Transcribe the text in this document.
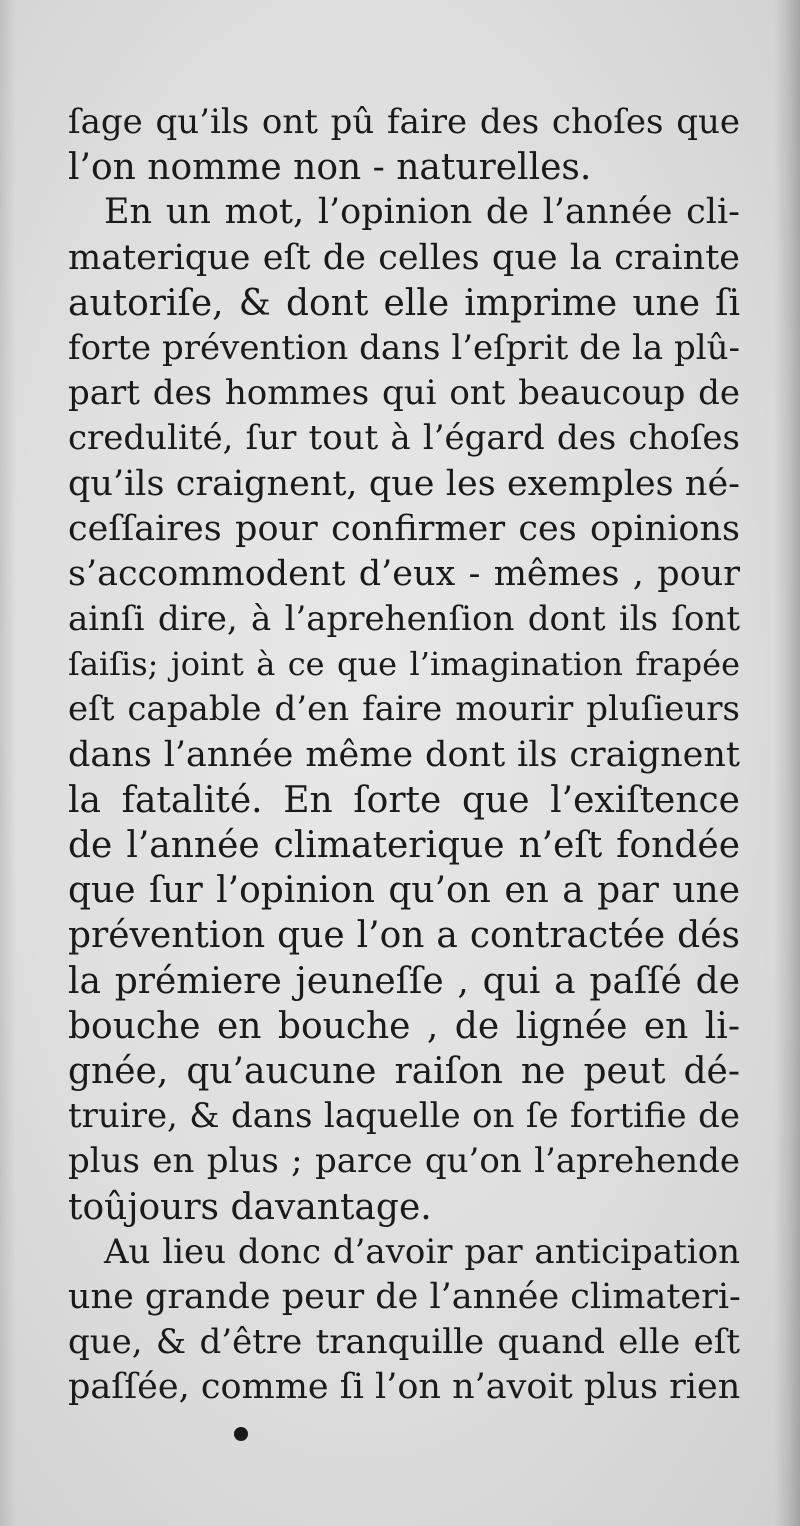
ſage qu’ils ont pû faire des choſes que
l’on nomme non - naturelles.
En un mot, l’opinion de l’année cli-
materique eſt de celles que la crainte
autoriſe, & dont elle imprime une ſi
forte prévention dans l’eſprit de la plû-
part des hommes qui ont beaucoup de
credulité, ſur tout à l’égard des choſes
qu’ils craignent, que les exemples né-
ceſſaires pour confirmer ces opinions
s’accommodent d’eux - mêmes , pour
ainſi dire, à l’aprehenſion dont ils ſont
ſaiſis; joint à ce que l’imagination frapée
eſt capable d’en faire mourir pluſieurs
dans l’année même dont ils craignent
la fatalité. En ſorte que l’exiſtence
de l’année climaterique n’eſt fondée
que ſur l’opinion qu’on en a par une
prévention que l’on a contractée dés
la prémiere jeuneſſe , qui a paſſé de
bouche en bouche , de lignée en li-
gnée, qu’aucune raiſon ne peut dé-
truire, & dans laquelle on ſe fortifie de
plus en plus ; parce qu’on l’aprehende
toûjours davantage.
Au lieu donc d’avoir par anticipation
une grande peur de l’année climateri-
que, & d’être tranquille quand elle eſt
paſſée, comme ſi l’on n’avoit plus rien
